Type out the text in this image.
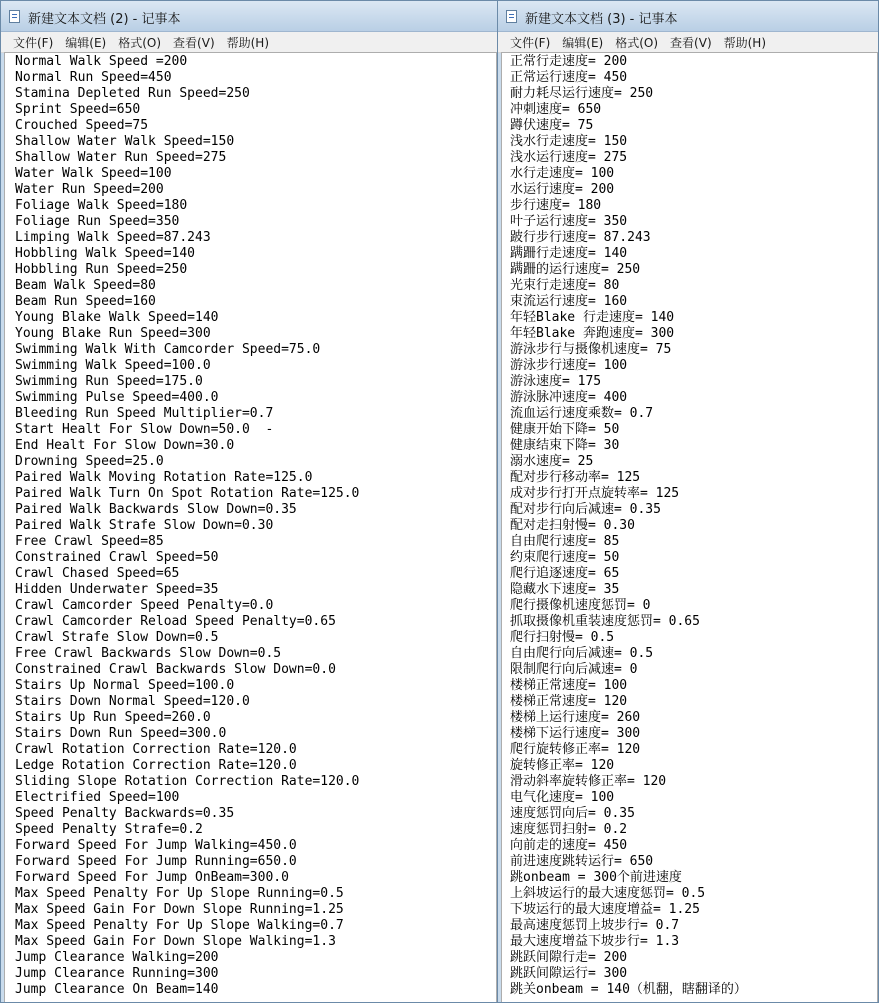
新建文本文档 (2) - 记事本
文件(F)	编辑(E)	格式(O)	查看(V)	帮助(H)
Normal Walk Speed =200
Normal Run Speed=450
Stamina Depleted Run Speed=250
Sprint Speed=650
Crouched Speed=75
Shallow Water Walk Speed=150
Shallow Water Run Speed=275
Water Walk Speed=100
Water Run Speed=200
Foliage Walk Speed=180
Foliage Run Speed=350
Limping Walk Speed=87.243
Hobbling Walk Speed=140
Hobbling Run Speed=250
Beam Walk Speed=80
Beam Run Speed=160
Young Blake Walk Speed=140
Young Blake Run Speed=300
Swimming Walk With Camcorder Speed=75.0
Swimming Walk Speed=100.0
Swimming Run Speed=175.0
Swimming Pulse Speed=400.0
Bleeding Run Speed Multiplier=0.7
Start Healt For Slow Down=50.0  -
End Healt For Slow Down=30.0
Drowning Speed=25.0
Paired Walk Moving Rotation Rate=125.0
Paired Walk Turn On Spot Rotation Rate=125.0
Paired Walk Backwards Slow Down=0.35
Paired Walk Strafe Slow Down=0.30
Free Crawl Speed=85
Constrained Crawl Speed=50
Crawl Chased Speed=65
Hidden Underwater Speed=35
Crawl Camcorder Speed Penalty=0.0
Crawl Camcorder Reload Speed Penalty=0.65
Crawl Strafe Slow Down=0.5
Free Crawl Backwards Slow Down=0.5
Constrained Crawl Backwards Slow Down=0.0
Stairs Up Normal Speed=100.0
Stairs Down Normal Speed=120.0
Stairs Up Run Speed=260.0
Stairs Down Run Speed=300.0
Crawl Rotation Correction Rate=120.0
Ledge Rotation Correction Rate=120.0
Sliding Slope Rotation Correction Rate=120.0
Electrified Speed=100
Speed Penalty Backwards=0.35
Speed Penalty Strafe=0.2
Forward Speed For Jump Walking=450.0
Forward Speed For Jump Running=650.0
Forward Speed For Jump OnBeam=300.0
Max Speed Penalty For Up Slope Running=0.5
Max Speed Gain For Down Slope Running=1.25
Max Speed Penalty For Up Slope Walking=0.7
Max Speed Gain For Down Slope Walking=1.3
Jump Clearance Walking=200
Jump Clearance Running=300
Jump Clearance On Beam=140
新建文本文档 (3) - 记事本
文件(F)	编辑(E)	格式(O)	查看(V)	帮助(H)
正常行走速度= 200
正常运行速度= 450
耐力耗尽运行速度= 250
冲刺速度= 650
蹲伏速度= 75
浅水行走速度= 150
浅水运行速度= 275
水行走速度= 100
水运行速度= 200
步行速度= 180
叶子运行速度= 350
跛行步行速度= 87.243
蹒跚行走速度= 140
蹒跚的运行速度= 250
光束行走速度= 80
束流运行速度= 160
年轻Blake 行走速度= 140
年轻Blake 奔跑速度= 300
游泳步行与摄像机速度= 75
游泳步行速度= 100
游泳速度= 175
游泳脉冲速度= 400
流血运行速度乘数= 0.7
健康开始下降= 50
健康结束下降= 30
溺水速度= 25
配对步行移动率= 125
成对步行打开点旋转率= 125
配对步行向后减速= 0.35
配对走扫射慢= 0.30
自由爬行速度= 85
约束爬行速度= 50
爬行追逐速度= 65
隐藏水下速度= 35
爬行摄像机速度惩罚= 0
抓取摄像机重装速度惩罚= 0.65
爬行扫射慢= 0.5
自由爬行向后减速= 0.5
限制爬行向后减速= 0
楼梯正常速度= 100
楼梯正常速度= 120
楼梯上运行速度= 260
楼梯下运行速度= 300
爬行旋转修正率= 120
旋转修正率= 120
滑动斜率旋转修正率= 120
电气化速度= 100
速度惩罚向后= 0.35
速度惩罚扫射= 0.2
向前走的速度= 450
前进速度跳转运行= 650
跳onbeam = 300个前进速度
上斜坡运行的最大速度惩罚= 0.5
下坡运行的最大速度增益= 1.25
最高速度惩罚上坡步行= 0.7
最大速度增益下坡步行= 1.3
跳跃间隙行走= 200
跳跃间隙运行= 300
跳关onbeam = 140（机翻，瞎翻译的）
